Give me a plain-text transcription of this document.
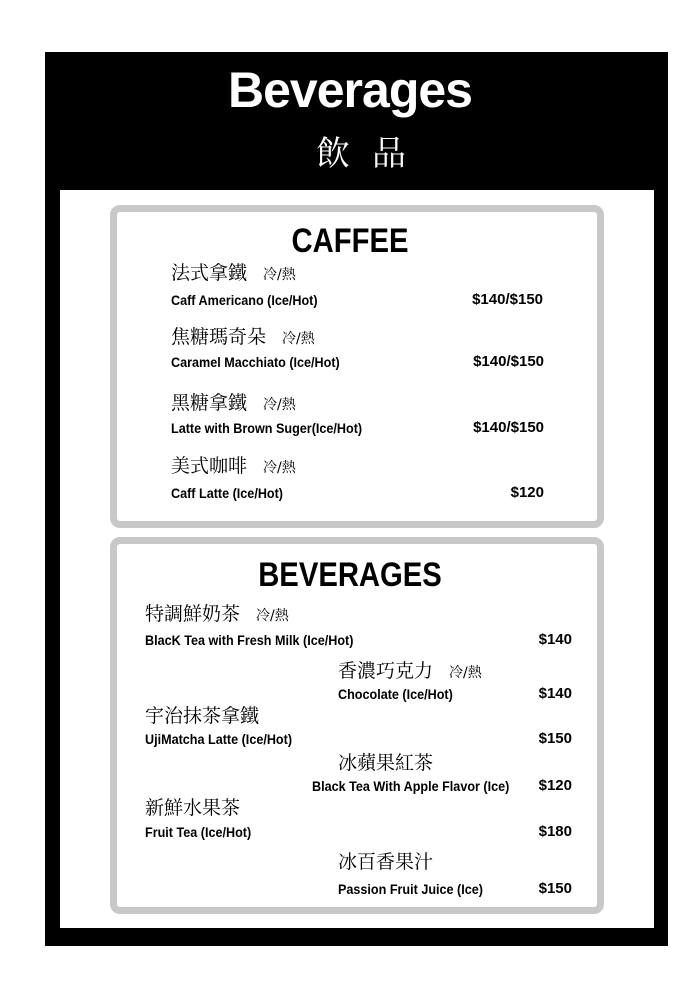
Beverages
飲品
CAFFEE
法式拿鐵 冷/熱
Caff Americano (Ice/Hot)	$140/$150
焦糖瑪奇朵 冷/熱
Caramel Macchiato (Ice/Hot)	$140/$150
黑糖拿鐵 冷/熱
Latte with Brown Suger(Ice/Hot)	$140/$150
美式咖啡 冷/熱
Caff Latte (Ice/Hot)	$120
BEVERAGES
特調鮮奶茶 冷/熱
BlacK Tea with Fresh Milk (Ice/Hot)	$140
香濃巧克力 冷/熱
Chocolate (Ice/Hot)	$140
宇治抹茶拿鐵
UjiMatcha Latte (Ice/Hot)	$150
冰蘋果紅茶
Black Tea With Apple Flavor (Ice) $120
新鮮水果茶
Fruit Tea (Ice/Hot)	$180
冰百香果汁
Passion Fruit Juice (Ice)	$150
